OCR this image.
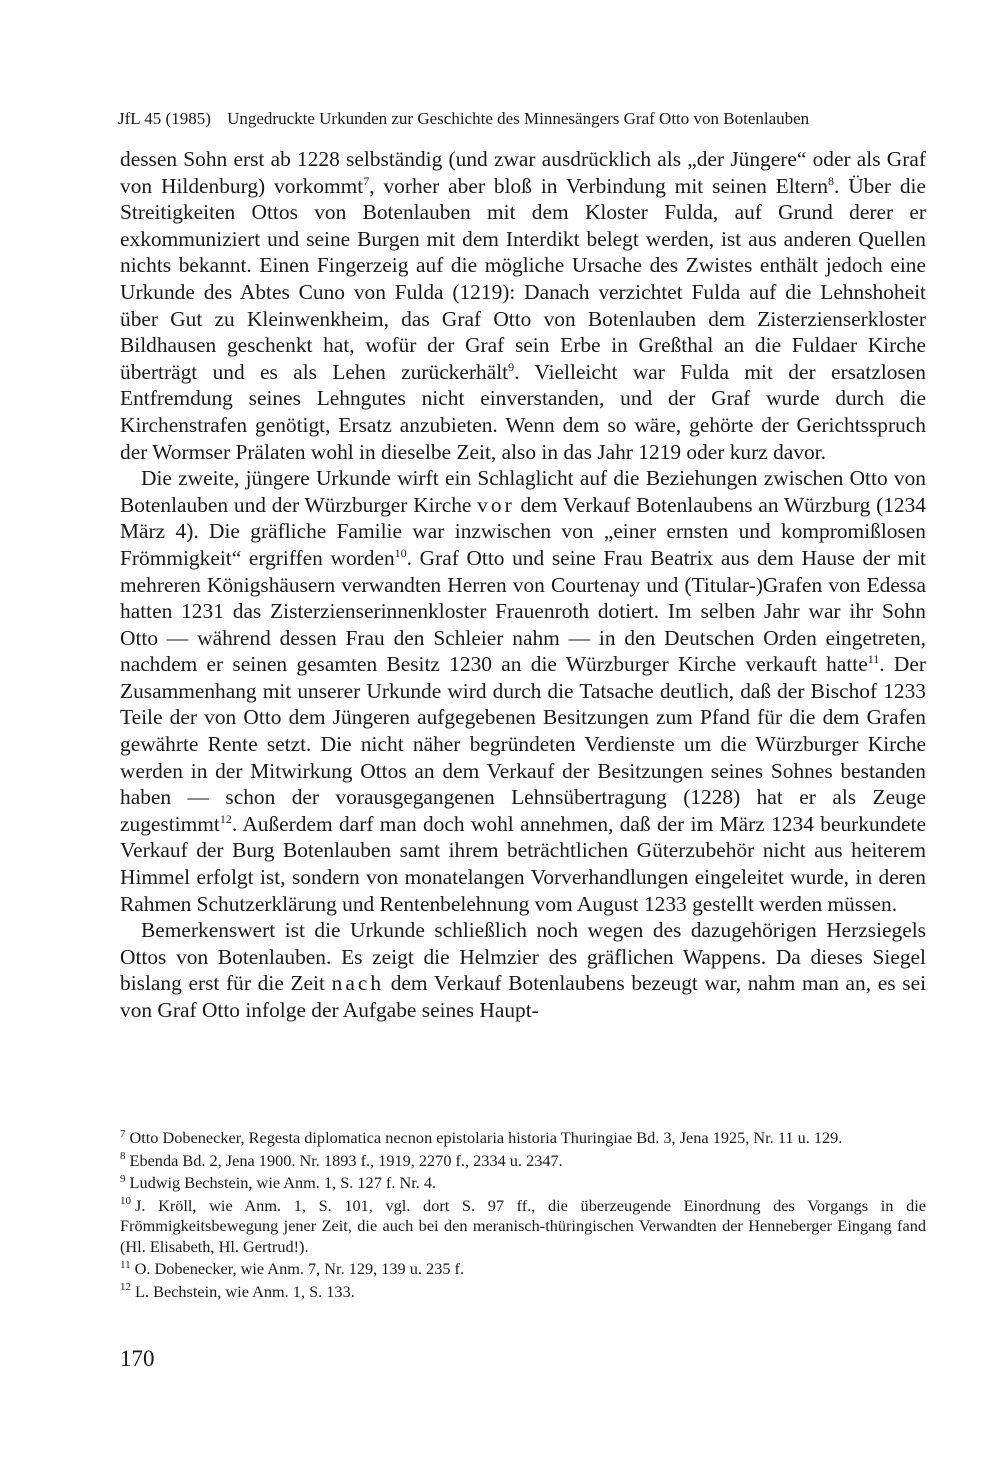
JfL 45 (1985) Ungedruckte Urkunden zur Geschichte des Minnesängers Graf Otto von Botenlauben

dessen Sohn erst ab 1228 selbständig (und zwar ausdrücklich als „der Jüngere“ oder als Graf von Hildenburg) vorkommt$^7$, vorher aber bloß in Verbindung mit seinen Eltern$^8$. Über die Streitigkeiten Ottos von Botenlauben mit dem Kloster Fulda, auf Grund derer er exkommuniziert und seine Burgen mit dem Interdikt belegt werden, ist aus anderen Quellen nichts bekannt. Einen Fingerzeig auf die mögliche Ursache des Zwistes enthält jedoch eine Urkunde des Abtes Cuno von Fulda (1219): Danach verzichtet Fulda auf die Lehnshoheit über Gut zu Kleinwenkheim, das Graf Otto von Botenlauben dem Zisterzienserkloster Bildhausen geschenkt hat, wofür der Graf sein Erbe in Greßthal an die Fuldaer Kirche überträgt und es als Lehen zurückerhält$^9$. Vielleicht war Fulda mit der ersatzlosen Entfremdung seines Lehngutes nicht einverstanden, und der Graf wurde durch die Kirchenstrafen genötigt, Ersatz anzubieten. Wenn dem so wäre, gehörte der Gerichtsspruch der Wormser Prälaten wohl in dieselbe Zeit, also in das Jahr 1219 oder kurz davor.

Die zweite, jüngere Urkunde wirft ein Schlaglicht auf die Beziehungen zwischen Otto von Botenlauben und der Würzburger Kirche vor dem Verkauf Botenlaubens an Würzburg (1234 März 4). Die gräfliche Familie war inzwischen von „einer ernsten und kompromißlosen Frömmigkeit“ ergriffen worden$^{10}$. Graf Otto und seine Frau Beatrix aus dem Hause der mit mehreren Königshäusern verwandten Herren von Courtenay und (Titular-)Grafen von Edessa hatten 1231 das Zisterzienserinnenkloster Frauenroth dotiert. Im selben Jahr war ihr Sohn Otto — während dessen Frau den Schleier nahm — in den Deutschen Orden eingetreten, nachdem er seinen gesamten Besitz 1230 an die Würzburger Kirche verkauft hatte$^{11}$. Der Zusammenhang mit unserer Urkunde wird durch die Tatsache deutlich, daß der Bischof 1233 Teile der von Otto dem Jüngeren aufgegebenen Besitzungen zum Pfand für die dem Grafen gewährte Rente setzt. Die nicht näher begründeten Verdienste um die Würzburger Kirche werden in der Mitwirkung Ottos an dem Verkauf der Besitzungen seines Sohnes bestanden haben — schon der vorausgegangenen Lehnsübertragung (1228) hat er als Zeuge zugestimmt$^{12}$. Außerdem darf man doch wohl annehmen, daß der im März 1234 beurkundete Verkauf der Burg Botenlauben samt ihrem beträchtlichen Güterzubehör nicht aus heiterem Himmel erfolgt ist, sondern von monatelangen Vorverhandlungen eingeleitet wurde, in deren Rahmen Schutzerklärung und Rentenbelehnung vom August 1233 gestellt werden müssen.

Bemerkenswert ist die Urkunde schließlich noch wegen des dazugehörigen Herzsiegels Ottos von Botenlauben. Es zeigt die Helmzier des gräflichen Wappens. Da dieses Siegel bislang erst für die Zeit nach dem Verkauf Botenlaubens bezeugt war, nahm man an, es sei von Graf Otto infolge der Aufgabe seines Haupt-

$^7$ Otto Dobenecker, Regesta diplomatica necnon epistolaria historia Thuringiae Bd. 3, Jena 1925, Nr. 11 u. 129.
$^8$ Ebenda Bd. 2, Jena 1900. Nr. 1893 f., 1919, 2270 f., 2334 u. 2347.
$^9$ Ludwig Bechstein, wie Anm. 1, S. 127 f. Nr. 4.
$^{10}$ J. Kröll, wie Anm. 1, S. 101, vgl. dort S. 97 ff., die überzeugende Einordnung des Vorgangs in die Frömmigkeitsbewegung jener Zeit, die auch bei den meranisch-thüringischen Verwandten der Henneberger Eingang fand (Hl. Elisabeth, Hl. Gertrud!).
$^{11}$ O. Dobenecker, wie Anm. 7, Nr. 129, 139 u. 235 f.
$^{12}$ L. Bechstein, wie Anm. 1, S. 133.
170
